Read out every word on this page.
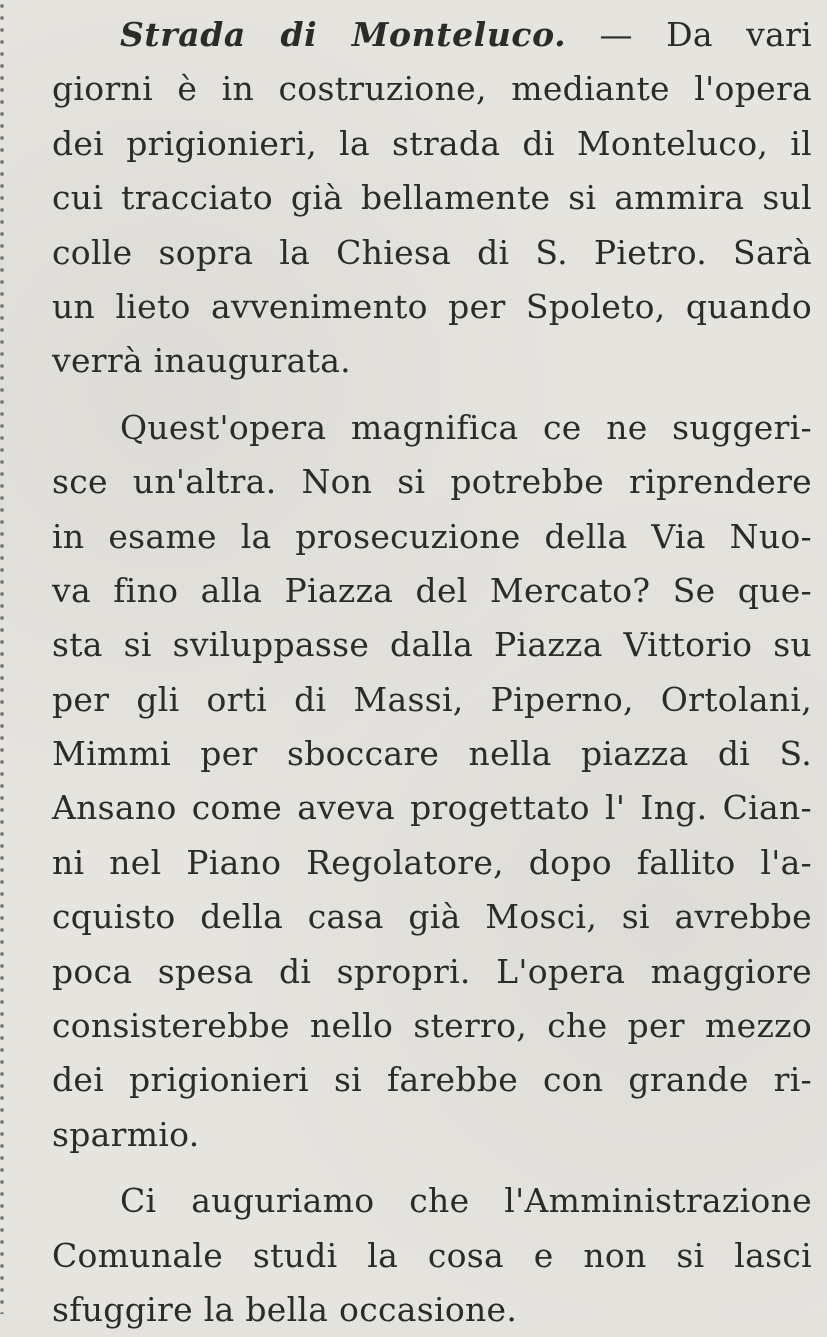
Strada di Monteluco. — Da vari
giorni è in costruzione, mediante l'opera
dei prigionieri, la strada di Monteluco, il
cui tracciato già bellamente si ammira sul
colle sopra la Chiesa di S. Pietro. Sarà
un lieto avvenimento per Spoleto, quando
verrà inaugurata.
Quest'opera magnifica ce ne suggeri-
sce un'altra. Non si potrebbe riprendere
in esame la prosecuzione della Via Nuo-
va fino alla Piazza del Mercato? Se que-
sta si sviluppasse dalla Piazza Vittorio su
per gli orti di Massi, Piperno, Ortolani,
Mimmi per sboccare nella piazza di S.
Ansano come aveva progettato l' Ing. Cian-
ni nel Piano Regolatore, dopo fallito l'a-
cquisto della casa già Mosci, si avrebbe
poca spesa di spropri. L'opera maggiore
consisterebbe nello sterro, che per mezzo
dei prigionieri si farebbe con grande ri-
sparmio.
Ci auguriamo che l'Amministrazione
Comunale studi la cosa e non si lasci
sfuggire la bella occasione.
